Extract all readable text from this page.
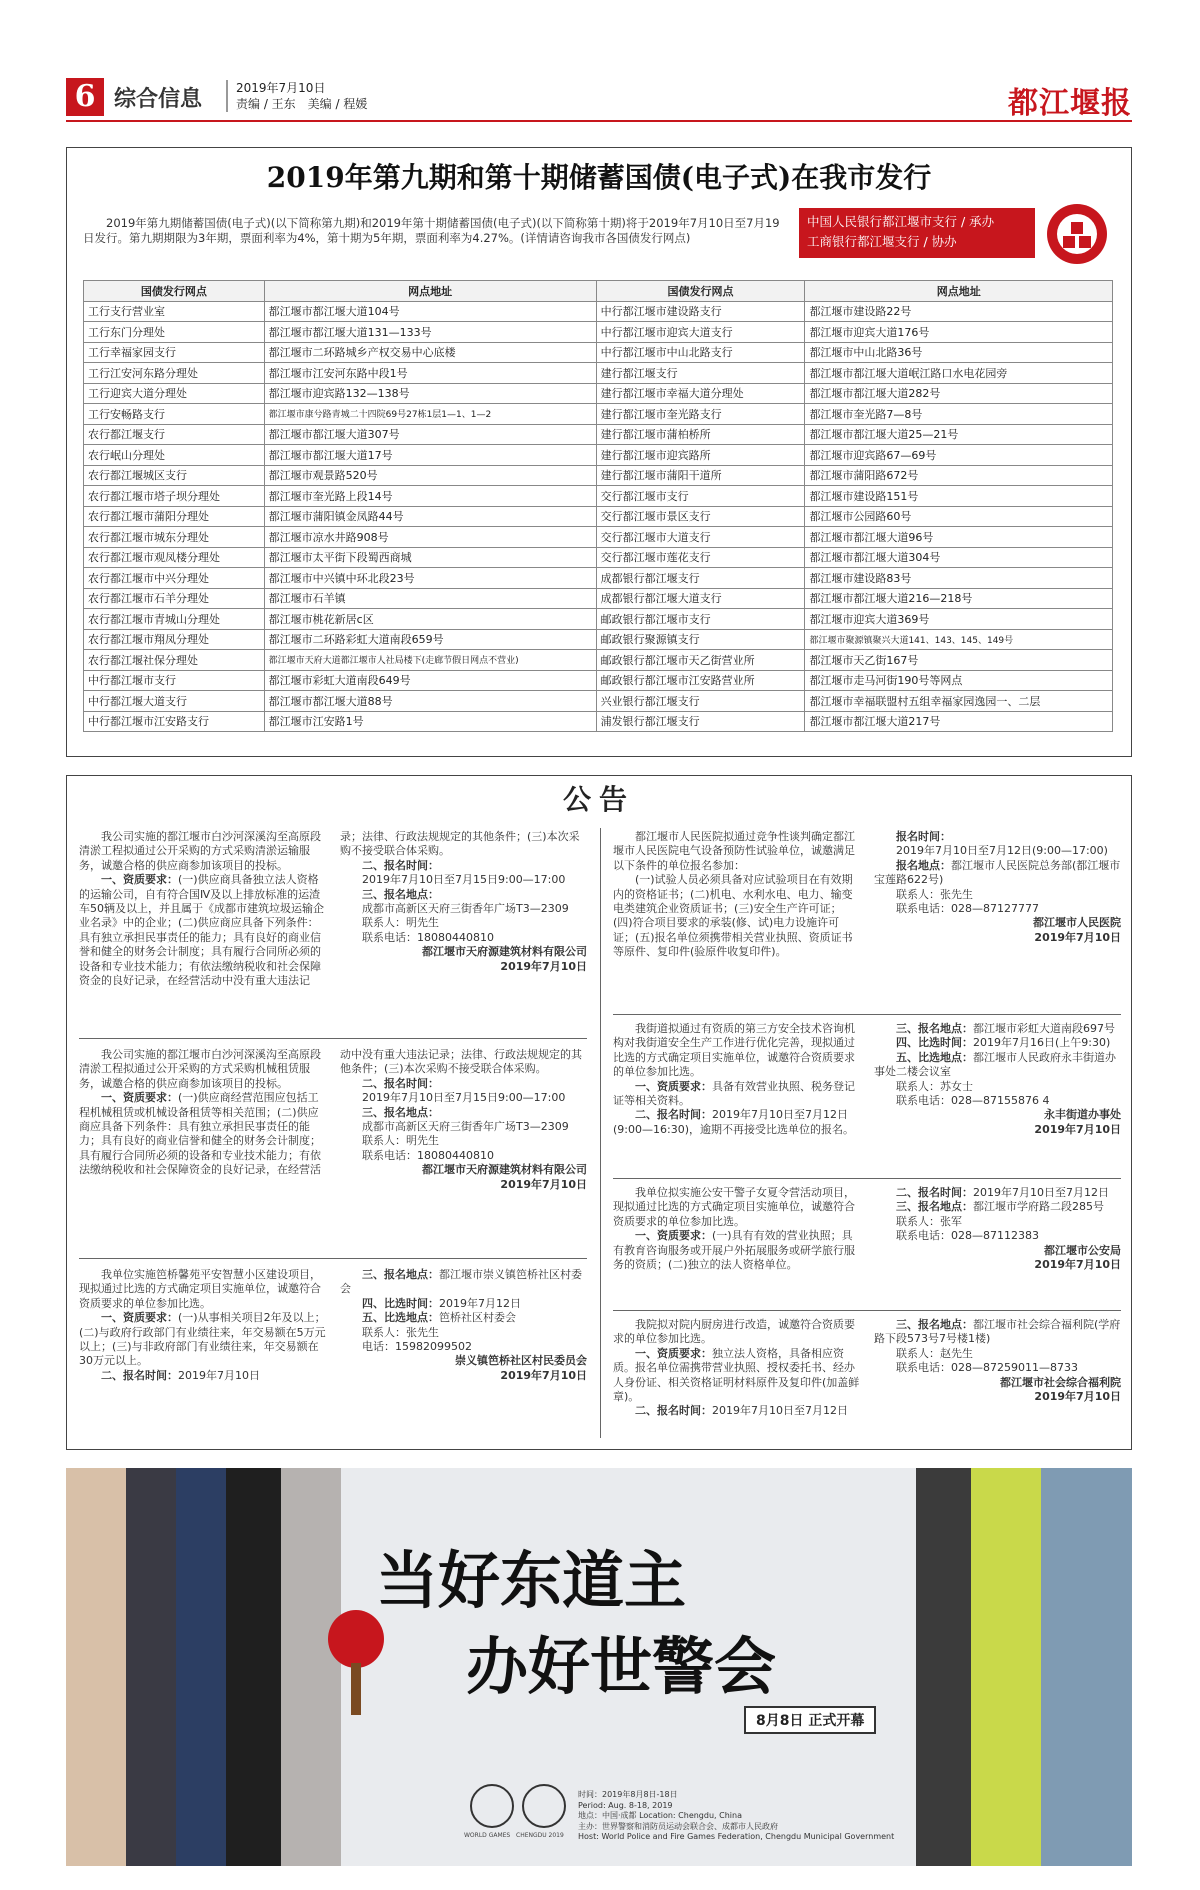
6 综合信息	2019年7月10日
责编 / 王东　美编 / 程媛	都江堰报
2019年第九期和第十期储蓄国债(电子式)在我市发行
2019年第九期储蓄国债(电子式)(以下简称第九期)和2019年第十期储蓄国债(电子式)(以下简称第十期)将于2019年7月10日至7月19日发行。第九期期限为3年期，票面利率为4%，第十期为5年期，票面利率为4.27%。(详情请咨询我市各国债发行网点)
中国人民银行都江堰市支行 / 承办
工商银行都江堰支行 / 协办
国债发行网点	网点地址	国债发行网点	网点地址
工行支行营业室	都江堰市都江堰大道104号	中行都江堰市建设路支行	都江堰市建设路22号
工行东门分理处	都江堰市都江堰大道131—133号	中行都江堰市迎宾大道支行	都江堰市迎宾大道176号
工行幸福家园支行	都江堰市二环路城乡产权交易中心底楼	中行都江堰市中山北路支行	都江堰市中山北路36号
工行江安河东路分理处	都江堰市江安河东路中段1号	建行都江堰支行	都江堰市都江堰大道岷江路口水电花园旁
工行迎宾大道分理处	都江堰市迎宾路132—138号	建行都江堰市幸福大道分理处	都江堰市都江堰大道282号
工行安畅路支行	都江堰市康兮路青城二十四院69号27栋1层1—1、1—2	建行都江堰市奎光路支行	都江堰市奎光路7—8号
农行都江堰支行	都江堰市都江堰大道307号	建行都江堰市蒲柏桥所	都江堰市都江堰大道25—21号
农行岷山分理处	都江堰市都江堰大道17号	建行都江堰市迎宾路所	都江堰市迎宾路67—69号
农行都江堰城区支行	都江堰市观景路520号	建行都江堰市蒲阳干道所	都江堰市蒲阳路672号
农行都江堰市塔子坝分理处	都江堰市奎光路上段14号	交行都江堰市支行	都江堰市建设路151号
农行都江堰市蒲阳分理处	都江堰市蒲阳镇金凤路44号	交行都江堰市景区支行	都江堰市公园路60号
农行都江堰市城东分理处	都江堰市凉水井路908号	交行都江堰市大道支行	都江堰市都江堰大道96号
农行都江堰市观凤楼分理处	都江堰市太平街下段蜀西商城	交行都江堰市莲花支行	都江堰市都江堰大道304号
农行都江堰市中兴分理处	都江堰市中兴镇中环北段23号	成都银行都江堰支行	都江堰市建设路83号
农行都江堰市石羊分理处	都江堰市石羊镇	成都银行都江堰大道支行	都江堰市都江堰大道216—218号
农行都江堰市青城山分理处	都江堰市桃花新居c区	邮政银行都江堰市支行	都江堰市迎宾大道369号
农行都江堰市翔凤分理处	都江堰市二环路彩虹大道南段659号	邮政银行聚源镇支行	都江堰市聚源镇聚兴大道141、143、145、149号
农行都江堰社保分理处	都江堰市天府大道都江堰市人社局楼下(走廊节假日网点不营业)	邮政银行都江堰市天乙街营业所	都江堰市天乙街167号
中行都江堰市支行	都江堰市彩虹大道南段649号	邮政银行都江堰市江安路营业所	都江堰市走马河街190号等网点
中行都江堰大道支行	都江堰市都江堰大道88号	兴业银行都江堰支行	都江堰市幸福联盟村五组幸福家园逸园一、二层
中行都江堰市江安路支行	都江堰市江安路1号	浦发银行都江堰支行	都江堰市都江堰大道217号
公告

我公司实施的都江堰市白沙河深溪沟至高原段清淤工程拟通过公开采购的方式采购清淤运输服务，诚邀合格的供应商参加该项目的投标。

一、资质要求：(一)供应商具备独立法人资格的运输公司，自有符合国Ⅳ及以上排放标准的运渣车50辆及以上，并且属于《成都市建筑垃圾运输企业名录》中的企业；(二)供应商应具备下列条件：具有独立承担民事责任的能力；具有良好的商业信誉和健全的财务会计制度；具有履行合同所必须的设备和专业技术能力；有依法缴纳税收和社会保障资金的良好记录，在经营活动中没有重大违法记录；法律、行政法规规定的其他条件；(三)本次采购不接受联合体采购。

二、报名时间：

2019年7月10日至7月15日9:00—17:00

三、报名地点：

成都市高新区天府三街香年广场T3—2309

联系人：明先生

联系电话：18080440810

都江堰市天府源建筑材料有限公司

2019年7月10日

我公司实施的都江堰市白沙河深溪沟至高原段清淤工程拟通过公开采购的方式采购机械租赁服务，诚邀合格的供应商参加该项目的投标。

一、资质要求：(一)供应商经营范围应包括工程机械租赁或机械设备租赁等相关范围；(二)供应商应具备下列条件：具有独立承担民事责任的能力；具有良好的商业信誉和健全的财务会计制度；具有履行合同所必须的设备和专业技术能力；有依法缴纳税收和社会保障资金的良好记录，在经营活动中没有重大违法记录；法律、行政法规规定的其他条件；(三)本次采购不接受联合体采购。

二、报名时间：

2019年7月10日至7月15日9:00—17:00

三、报名地点：

成都市高新区天府三街香年广场T3—2309

联系人：明先生

联系电话：18080440810

都江堰市天府源建筑材料有限公司

2019年7月10日

我单位实施笆桥馨苑平安智慧小区建设项目，现拟通过比选的方式确定项目实施单位，诚邀符合资质要求的单位参加比选。

一、资质要求：(一)从事相关项目2年及以上；(二)与政府行政部门有业绩往来，年交易额在5万元以上；(三)与非政府部门有业绩往来，年交易额在30万元以上。

二、报名时间：2019年7月10日

三、报名地点：都江堰市崇义镇笆桥社区村委会

四、比选时间：2019年7月12日

五、比选地点：笆桥社区村委会

联系人：张先生

电话：15982099502

崇义镇笆桥社区村民委员会

2019年7月10日

都江堰市人民医院拟通过竞争性谈判确定都江堰市人民医院电气设备预防性试验单位，诚邀满足以下条件的单位报名参加：

(一)试验人员必须具备对应试验项目在有效期内的资格证书；(二)机电、水利水电、电力、输变电类建筑企业资质证书；(三)安全生产许可证；(四)符合项目要求的承装(修、试)电力设施许可证；(五)报名单位须携带相关营业执照、资质证书等原件、复印件(验原件收复印件)。

报名时间：

2019年7月10日至7月12日(9:00—17:00)

报名地点：都江堰市人民医院总务部(都江堰市宝莲路622号)

联系人：张先生

联系电话：028—87127777

都江堰市人民医院

2019年7月10日

我街道拟通过有资质的第三方安全技术咨询机构对我街道安全生产工作进行优化完善，现拟通过比选的方式确定项目实施单位，诚邀符合资质要求的单位参加比选。

一、资质要求：具备有效营业执照、税务登记证等相关资料。

二、报名时间：2019年7月10日至7月12日(9:00—16:30)，逾期不再接受比选单位的报名。

三、报名地点：都江堰市彩虹大道南段697号

四、比选时间：2019年7月16日(上午9:30)

五、比选地点：都江堰市人民政府永丰街道办事处二楼会议室

联系人：苏女士

联系电话：028—87155876 4

永丰街道办事处

2019年7月10日

我单位拟实施公安干警子女夏令营活动项目，现拟通过比选的方式确定项目实施单位，诚邀符合资质要求的单位参加比选。

一、资质要求：(一)具有有效的营业执照；具有教育咨询服务或开展户外拓展服务或研学旅行服务的资质；(二)独立的法人资格单位。

二、报名时间：2019年7月10日至7月12日

三、报名地点：都江堰市学府路二段285号

联系人：张军

联系电话：028—87112383

都江堰市公安局

2019年7月10日

我院拟对院内厨房进行改造，诚邀符合资质要求的单位参加比选。

一、资质要求：独立法人资格，具备相应资质。报名单位需携带营业执照、授权委托书、经办人身份证、相关资格证明材料原件及复印件(加盖鲜章)。

二、报名时间：2019年7月10日至7月12日

三、报名地点：都江堰市社会综合福利院(学府路下段573号7号楼1楼)

联系人：赵先生

联系电话：028—87259011—8733

都江堰市社会综合福利院

2019年7月10日

当好东道主
办好世警会
8月8日 正式开幕
WORLD GAMES CHENGDU 2019
时间：2019年8月8日-18日
Period: Aug. 8-18, 2019
地点：中国·成都 Location: Chengdu, China
主办：世界警察和消防员运动会联合会、成都市人民政府
Host: World Police and Fire Games Federation, Chengdu Municipal Government
